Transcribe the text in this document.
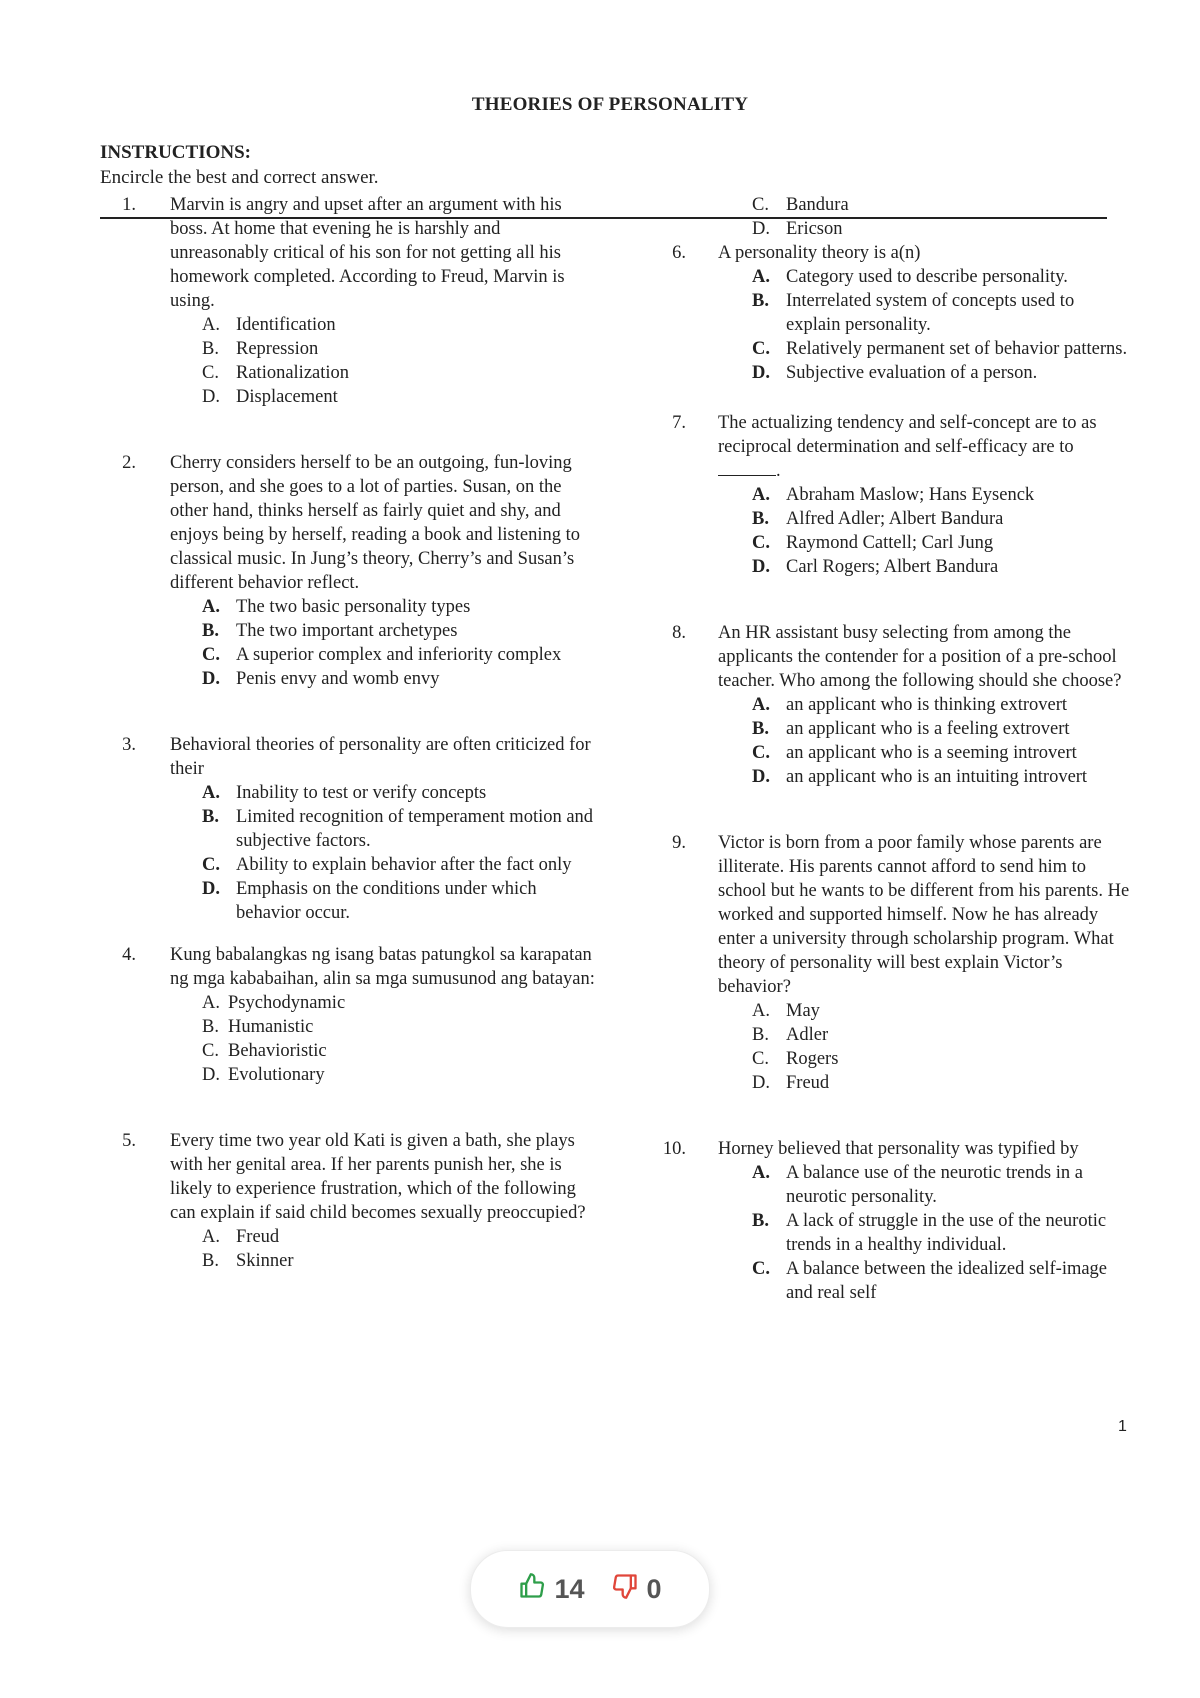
THEORIES OF PERSONALITY
INSTRUCTIONS:
Encircle the best and correct answer.
1. Marvin is angry and upset after an argument with his boss. At home that evening he is harshly and unreasonably critical of his son for not getting all his homework completed. According to Freud, Marvin is using.
A. Identification
B. Repression
C. Rationalization
D. Displacement
2. Cherry considers herself to be an outgoing, fun-loving person, and she goes to a lot of parties. Susan, on the other hand, thinks herself as fairly quiet and shy, and enjoys being by herself, reading a book and listening to classical music. In Jung’s theory, Cherry’s and Susan’s different behavior reflect.
A. The two basic personality types
B. The two important archetypes
C. A superior complex and inferiority complex
D. Penis envy and womb envy
3. Behavioral theories of personality are often criticized for their
A. Inability to test or verify concepts
B. Limited recognition of temperament motion and subjective factors.
C. Ability to explain behavior after the fact only
D. Emphasis on the conditions under which behavior occur.
4. Kung babalangkas ng isang batas patungkol sa karapatan ng mga kababaihan, alin sa mga sumusunod ang batayan:
A. Psychodynamic
B. Humanistic
C. Behavioristic
D. Evolutionary
5. Every time two year old Kati is given a bath, she plays with her genital area. If her parents punish her, she is likely to experience frustration, which of the following can explain if said child becomes sexually preoccupied?
A. Freud
B. Skinner
C. Bandura
D. Ericson
6. A personality theory is a(n)
A. Category used to describe personality.
B. Interrelated system of concepts used to explain personality.
C. Relatively permanent set of behavior patterns.
D. Subjective evaluation of a person.
7. The actualizing tendency and self-concept are to as reciprocal determination and self-efficacy are to .
A. Abraham Maslow; Hans Eysenck
B. Alfred Adler; Albert Bandura
C. Raymond Cattell; Carl Jung
D. Carl Rogers; Albert Bandura
8. An HR assistant busy selecting from among the applicants the contender for a position of a pre-school teacher. Who among the following should she choose?
A. an applicant who is thinking extrovert
B. an applicant who is a feeling extrovert
C. an applicant who is a seeming introvert
D. an applicant who is an intuiting introvert
9. Victor is born from a poor family whose parents are illiterate. His parents cannot afford to send him to school but he wants to be different from his parents. He worked and supported himself. Now he has already enter a university through scholarship program. What theory of personality will best explain Victor’s behavior?
A. May
B. Adler
C. Rogers
D. Freud
10. Horney believed that personality was typified by
A. A balance use of the neurotic trends in a neurotic personality.
B. A lack of struggle in the use of the neurotic trends in a healthy individual.
C. A balance between the idealized self-image and real self
1
14 0
